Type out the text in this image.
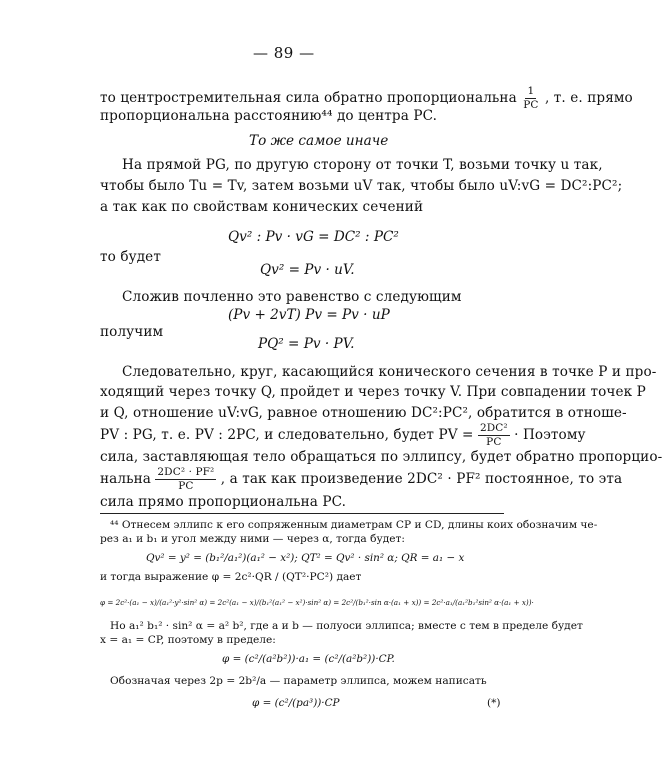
— 89 —
то центростремительная сила обратно пропорциональна $\frac{1}{PC}$ , т. е. прямо
пропорциональна расстоянию⁴⁴ до центра PC.
То же самое иначе
На прямой PG, по другую сторону от точки T, возьми точку u так,
чтобы было Tu = Tv, затем возьми uV так, чтобы было uV:vG = DC²:PC²;
а так как по свойствам конических сечений
Qv² : Pv · vG = DC² : PC²
то будет
Qv² = Pv · uV.
Сложив почленно это равенство с следующим
(Pv + 2vT) Pv = Pv · uP
получим
PQ² = Pv · PV.
Следовательно, круг, касающийся конического сечения в точке P и про-
ходящий через точку Q, пройдет и через точку V. При совпадении точек P
и Q, отношение uV:vG, равное отношению DC²:PC², обратится в отноше-
PV : PG, т. е. PV : 2PC, и следовательно, будет PV = $\frac{\text{2DC²}}{PC}$ · Поэтому
сила, заставляющая тело обращаться по эллипсу, будет обратно пропорцио-
нальна $\frac{\text{2DC² · PF²}}{PC}$ , а так как произведение 2DC² · PF² постоянное, то эта
сила прямо пропорциональна PC.
⁴⁴ Отнесем эллипс к его сопряженным диаметрам CP и CD, длины коих обозначим че-
рез a₁ и b₁ и угол между ними — через α, тогда будет:
Qv² = y² = (b₁²/a₁²)(a₁² − x²); QT² = Qv² · sin² α; QR = a₁ − x
и тогда выражение φ = 2c²·QR / (QT²·PC²) дает
φ = 2c²·(a₁ − x)/(a₁²·y²·sin² α) = 2c²(a₁ − x)/(b₁²(a₁² − x²)·sin² α) = 2c²/(b₁²·sin α·(a₁ + x)) = 2c²·a₁/(a₁²b₁²sin² α·(a₁ + x))·
Но a₁² b₁² · sin² α = a² b², где a и b — полуоси эллипса; вместе с тем в пределе будет
x = a₁ = CP, поэтому в пределе:
φ = (c²/(a²b²))·a₁ = (c²/(a²b²))·CP.
Обозначая через 2p = 2b²/a — параметр эллипса, можем написать
φ = (c²/(pa³))·CP	(*)
